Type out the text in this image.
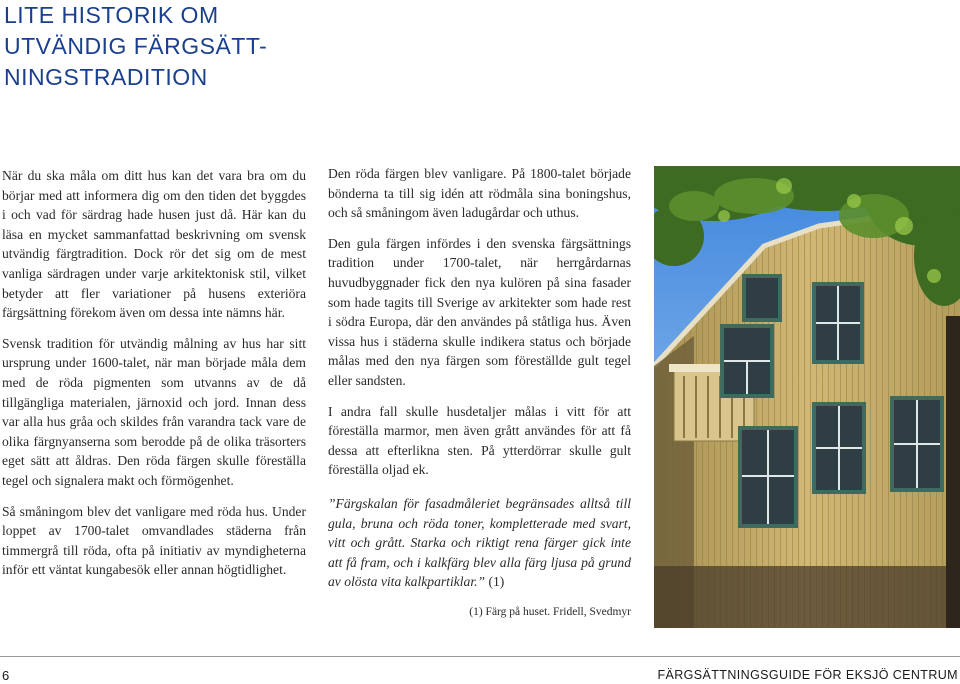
LITE HISTORIK OM
UTVÄNDIG FÄRGSÄTT-
NINGSTRADITION

När du ska måla om ditt hus kan det vara bra om du börjar med att informera dig om den tiden det byggdes i och vad för särdrag hade husen just då. Här kan du läsa en mycket sammanfattad beskrivning om svensk utvändig färgtradition. Dock rör det sig om de mest vanliga särdragen under varje arkitektonisk stil, vilket betyder att fler variationer på husens exteriöra färgsättning förekom även om dessa inte nämns här.

Svensk tradition för utvändig målning av hus har sitt ursprung under 1600-talet, när man började måla dem med de röda pigmenten som utvanns av de då tillgängliga materialen, järnoxid och jord. Innan dess var alla hus gråa och skildes från varandra tack vare de olika färgnyanserna som berodde på de olika träsorters eget sätt att åldras. Den röda färgen skulle föreställa tegel och signalera makt och förmögenhet.

Så småningom blev det vanligare med röda hus. Under loppet av 1700-talet omvandlades städerna från timmergrå till röda, ofta på initiativ av myndigheterna inför ett väntat kungabesök eller annan högtidlighet.

Den röda färgen blev vanligare. På 1800-talet började bönderna ta till sig idén att rödmåla sina boningshus, och så småningom även ladugårdar och uthus.

Den gula färgen infördes i den svenska färgsättnings tradition under 1700-talet, när herrgårdarnas huvudbyggnader fick den nya kulören på sina fasader som hade tagits till Sverige av arkitekter som hade rest i södra Europa, där den användes på ståtliga hus. Även vissa hus i städerna skulle indikera status och började målas med den nya färgen som föreställde gult tegel eller sandsten.

I andra fall skulle husdetaljer målas i vitt för att föreställa marmor, men även grått användes för att få dessa att efterlikna sten. På ytterdörrar skulle gult föreställa oljad ek.

”Färgskalan för fasadmåleriet begränsades alltså till gula, bruna och röda toner, kompletterade med svart, vitt och grått. Starka och riktigt rena färger gick inte att få fram, och i kalkfärg blev alla färg ljusa på grund av olösta vita kalkpartiklar.” (1)

(1) Färg på huset. Fridell, Svedmyr
6	FÄRGSÄTTNINGSGUIDE FÖR EKSJÖ CENTRUM
